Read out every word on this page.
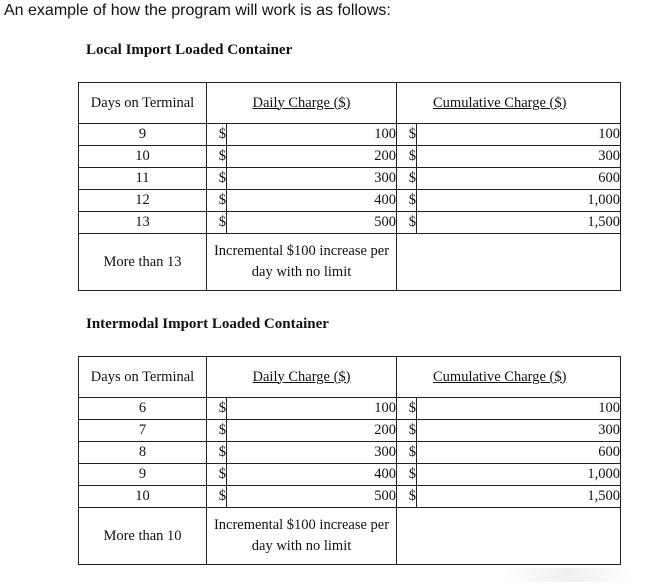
An example of how the program will work is as follows:
Local Import Loaded Container
Days on Terminal	Daily Charge ($)		Cumulative Charge ($)	
9	$	100	$	100
10	$	200	$	300
11	$	300	$	600
12	$	400	$	1,000
13	$	500	$	1,500
More than 13	Incremental $100 increase per day with no limit			
Intermodal Import Loaded Container
Days on Terminal	Daily Charge ($)		Cumulative Charge ($)	
6	$	100	$	100
7	$	200	$	300
8	$	300	$	600
9	$	400	$	1,000
10	$	500	$	1,500
More than 10	Incremental $100 increase per day with no limit			
